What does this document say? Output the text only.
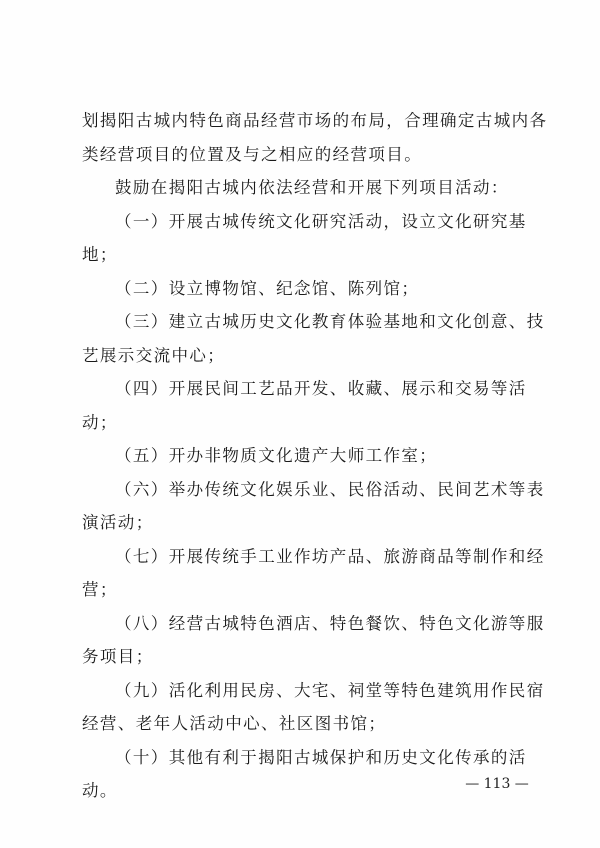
划揭阳古城内特色商品经营市场的布局，合理确定古城内各
类经营项目的位置及与之相应的经营项目。
鼓励在揭阳古城内依法经营和开展下列项目活动：
（一）开展古城传统文化研究活动，设立文化研究基
地；
（二）设立博物馆、纪念馆、陈列馆；
（三）建立古城历史文化教育体验基地和文化创意、技
艺展示交流中心；
（四）开展民间工艺品开发、收藏、展示和交易等活
动；
（五）开办非物质文化遗产大师工作室；
（六）举办传统文化娱乐业、民俗活动、民间艺术等表
演活动；
（七）开展传统手工业作坊产品、旅游商品等制作和经
营；
（八）经营古城特色酒店、特色餐饮、特色文化游等服
务项目；
（九）活化利用民房、大宅、祠堂等特色建筑用作民宿
经营、老年人活动中心、社区图书馆；
（十）其他有利于揭阳古城保护和历史文化传承的活
动。	— 113 —
